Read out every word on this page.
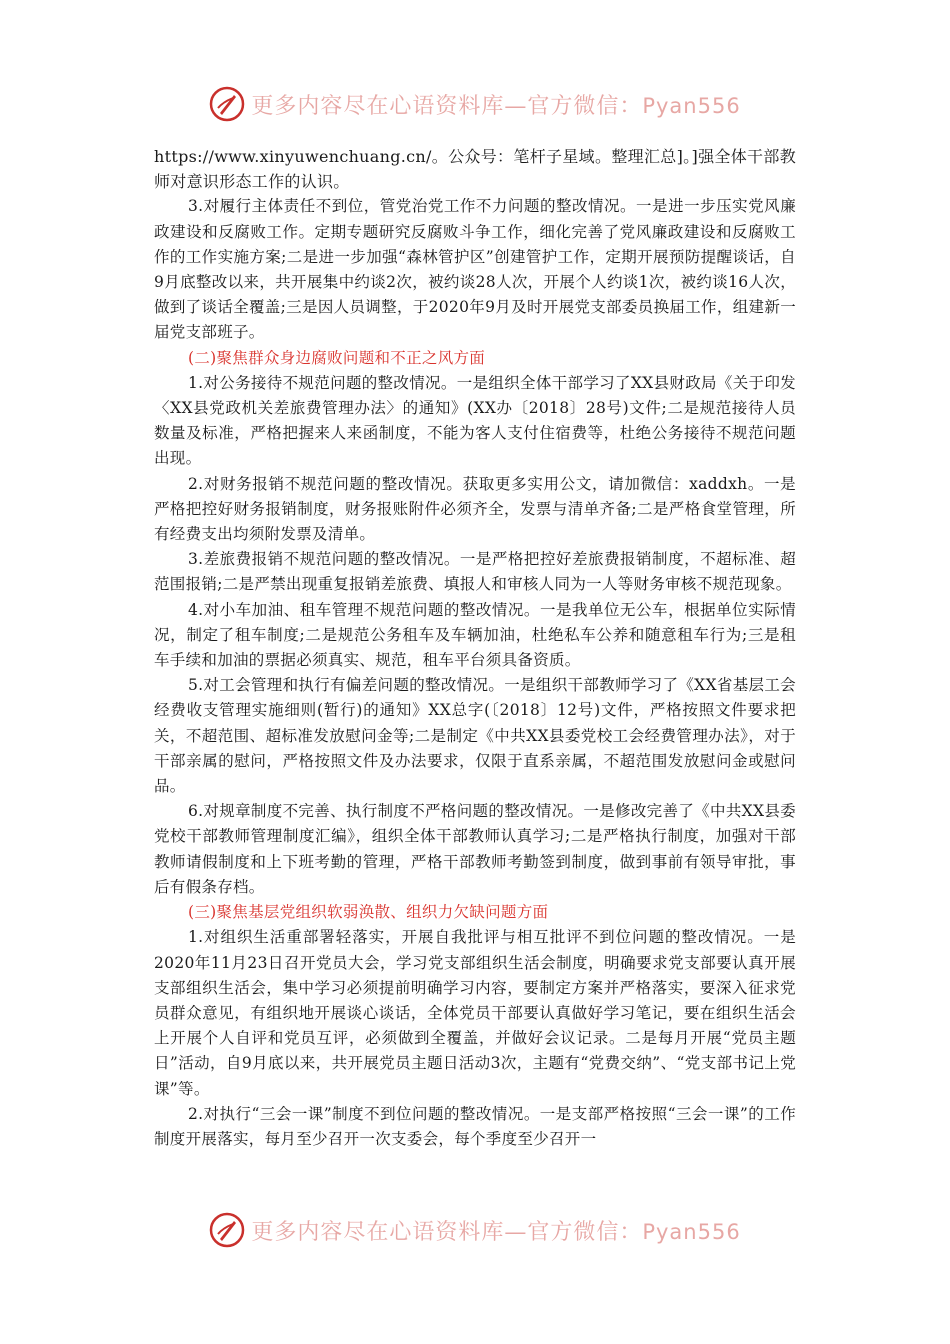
更多内容尽在心语资料库—官方微信：Pyan556

https://www.xinyuwenchuang.cn/。公众号：笔杆子星域。整理汇总]。]强全体干部教师对意识形态工作的认识。

3.对履行主体责任不到位，管党治党工作不力问题的整改情况。一是进一步压实党风廉政建设和反腐败工作。定期专题研究反腐败斗争工作，细化完善了党风廉政建设和反腐败工作的工作实施方案;二是进一步加强“森林管护区”创建管护工作，定期开展预防提醒谈话，自9月底整改以来，共开展集中约谈2次，被约谈28人次，开展个人约谈1次，被约谈16人次，做到了谈话全覆盖;三是因人员调整，于2020年9月及时开展党支部委员换届工作，组建新一届党支部班子。

(二)聚焦群众身边腐败问题和不正之风方面

1.对公务接待不规范问题的整改情况。一是组织全体干部学习了XX县财政局《关于印发〈XX县党政机关差旅费管理办法〉的通知》(XX办〔2018〕28号)文件;二是规范接待人员数量及标准，严格把握来人来函制度，不能为客人支付住宿费等，杜绝公务接待不规范问题出现。

2.对财务报销不规范问题的整改情况。获取更多实用公文，请加微信：xaddxh。一是严格把控好财务报销制度，财务报账附件必须齐全，发票与清单齐备;二是严格食堂管理，所有经费支出均须附发票及清单。

3.差旅费报销不规范问题的整改情况。一是严格把控好差旅费报销制度，不超标准、超范围报销;二是严禁出现重复报销差旅费、填报人和审核人同为一人等财务审核不规范现象。

4.对小车加油、租车管理不规范问题的整改情况。一是我单位无公车，根据单位实际情况，制定了租车制度;二是规范公务租车及车辆加油，杜绝私车公养和随意租车行为;三是租车手续和加油的票据必须真实、规范，租车平台须具备资质。

5.对工会管理和执行有偏差问题的整改情况。一是组织干部教师学习了《XX省基层工会经费收支管理实施细则(暂行)的通知》XX总字(〔2018〕12号)文件，严格按照文件要求把关，不超范围、超标准发放慰问金等;二是制定《中共XX县委党校工会经费管理办法》，对于干部亲属的慰问，严格按照文件及办法要求，仅限于直系亲属，不超范围发放慰问金或慰问品。

6.对规章制度不完善、执行制度不严格问题的整改情况。一是修改完善了《中共XX县委党校干部教师管理制度汇编》，组织全体干部教师认真学习;二是严格执行制度，加强对干部教师请假制度和上下班考勤的管理，严格干部教师考勤签到制度，做到事前有领导审批，事后有假条存档。

(三)聚焦基层党组织软弱涣散、组织力欠缺问题方面

1.对组织生活重部署轻落实，开展自我批评与相互批评不到位问题的整改情况。一是2020年11月23日召开党员大会，学习党支部组织生活会制度，明确要求党支部要认真开展支部组织生活会，集中学习必须提前明确学习内容，要制定方案并严格落实，要深入征求党员群众意见，有组织地开展谈心谈话，全体党员干部要认真做好学习笔记，要在组织生活会上开展个人自评和党员互评，必须做到全覆盖，并做好会议记录。二是每月开展“党员主题日”活动，自9月底以来，共开展党员主题日活动3次，主题有“党费交纳”、“党支部书记上党课”等。

2.对执行“三会一课”制度不到位问题的整改情况。一是支部严格按照“三会一课”的工作制度开展落实，每月至少召开一次支委会，每个季度至少召开一

更多内容尽在心语资料库—官方微信：Pyan556
